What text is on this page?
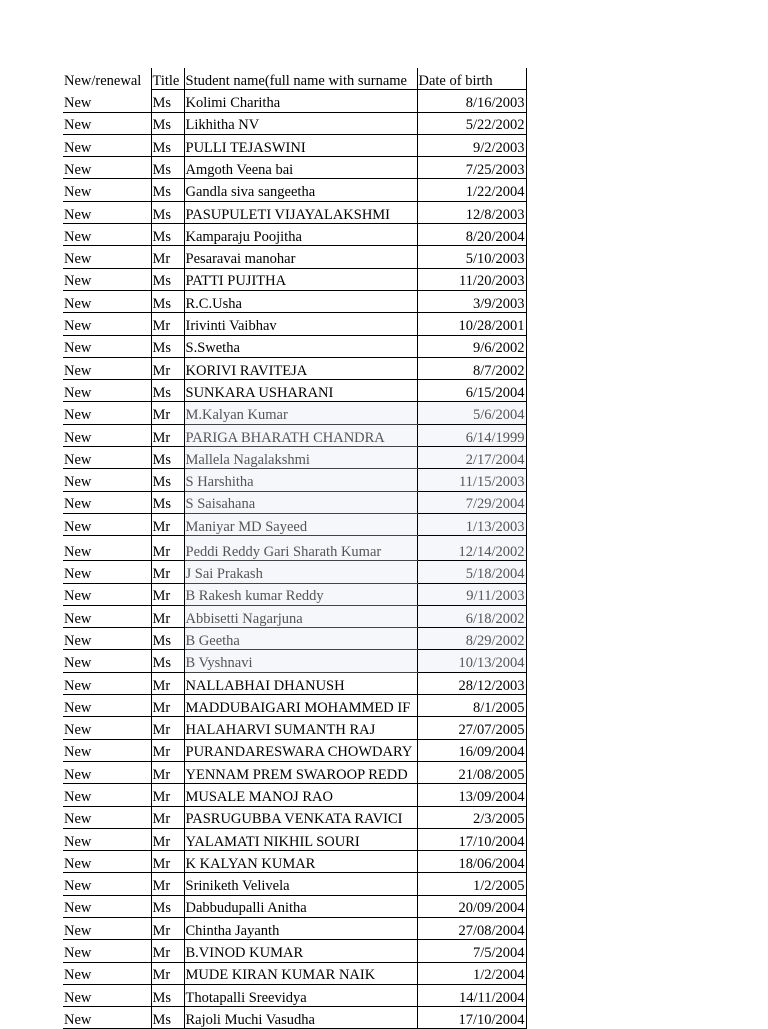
New/renewal	Title	Student name(full name with surname	Date of birth
New	Ms	Kolimi Charitha	8/16/2003
New	Ms	Likhitha NV	5/22/2002
New	Ms	PULLI TEJASWINI	9/2/2003
New	Ms	Amgoth Veena bai	7/25/2003
New	Ms	Gandla siva sangeetha	1/22/2004
New	Ms	PASUPULETI VIJAYALAKSHMI	12/8/2003
New	Ms	Kamparaju Poojitha	8/20/2004
New	Mr	Pesaravai manohar	5/10/2003
New	Ms	PATTI PUJITHA	11/20/2003
New	Ms	R.C.Usha	3/9/2003
New	Mr	Irivinti Vaibhav	10/28/2001
New	Ms	S.Swetha	9/6/2002
New	Mr	KORIVI RAVITEJA	8/7/2002
New	Ms	SUNKARA USHARANI	6/15/2004
New	Mr	M.Kalyan Kumar	5/6/2004
New	Mr	PARIGA BHARATH CHANDRA	6/14/1999
New	Ms	Mallela Nagalakshmi	2/17/2004
New	Ms	S Harshitha	11/15/2003
New	Ms	S Saisahana	7/29/2004
New	Mr	Maniyar MD Sayeed	1/13/2003
New	Mr	Peddi Reddy Gari Sharath Kumar	12/14/2002
New	Mr	J Sai Prakash	5/18/2004
New	Mr	B Rakesh kumar Reddy	9/11/2003
New	Mr	Abbisetti Nagarjuna	6/18/2002
New	Ms	B Geetha	8/29/2002
New	Ms	B Vyshnavi	10/13/2004
New	Mr	NALLABHAI DHANUSH	28/12/2003
New	Mr	MADDUBAIGARI MOHAMMED IF	8/1/2005
New	Mr	HALAHARVI SUMANTH RAJ	27/07/2005
New	Mr	PURANDARESWARA CHOWDARY	16/09/2004
New	Mr	YENNAM PREM SWAROOP REDD	21/08/2005
New	Mr	MUSALE MANOJ RAO	13/09/2004
New	Mr	PASRUGUBBA VENKATA RAVICI	2/3/2005
New	Mr	YALAMATI NIKHIL SOURI	17/10/2004
New	Mr	K KALYAN KUMAR	18/06/2004
New	Mr	Sriniketh Velivela	1/2/2005
New	Ms	Dabbudupalli Anitha	20/09/2004
New	Mr	Chintha Jayanth	27/08/2004
New	Mr	B.VINOD KUMAR	7/5/2004
New	Mr	MUDE KIRAN KUMAR NAIK	1/2/2004
New	Ms	Thotapalli Sreevidya	14/11/2004
New	Ms	Rajoli Muchi Vasudha	17/10/2004
